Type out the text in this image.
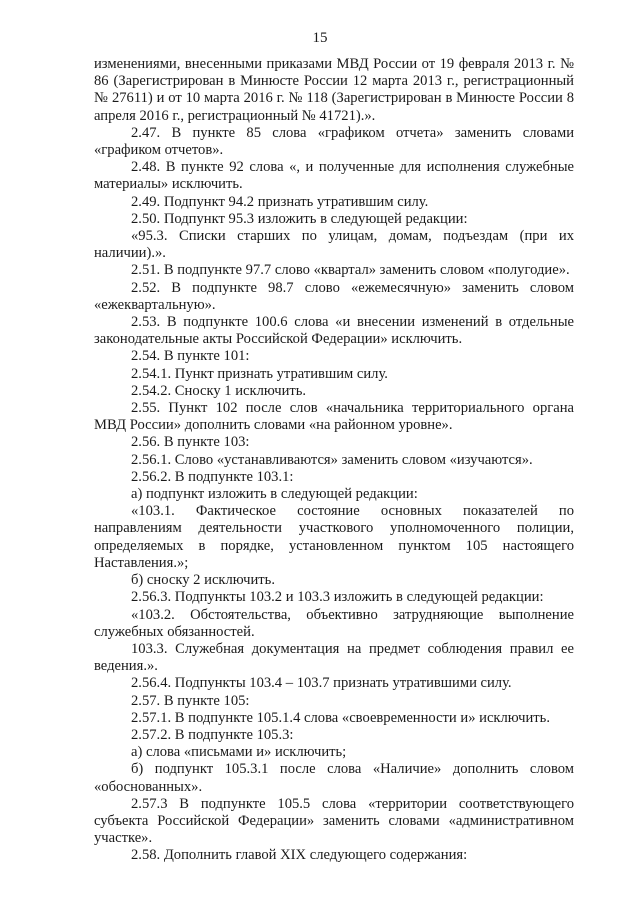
15

изменениями, внесенными приказами МВД России от 19 февраля 2013 г. № 86 (Зарегистрирован в Минюсте России 12 марта 2013 г., регистрационный № 27611) и от 10 марта 2016 г. № 118 (Зарегистрирован в Минюсте России 8 апреля 2016 г., регистрационный № 41721).».

2.47. В пункте 85 слова «графиком отчета» заменить словами «графиком отчетов».

2.48. В пункте 92 слова «, и полученные для исполнения служебные материалы» исключить.

2.49. Подпункт 94.2 признать утратившим силу.

2.50. Подпункт 95.3 изложить в следующей редакции:

«95.3. Списки старших по улицам, домам, подъездам (при их наличии).».

2.51. В подпункте 97.7 слово «квартал» заменить словом «полугодие».

2.52. В подпункте 98.7 слово «ежемесячную» заменить словом «ежеквартальную».

2.53. В подпункте 100.6 слова «и внесении изменений в отдельные законодательные акты Российской Федерации» исключить.

2.54. В пункте 101:

2.54.1. Пункт признать утратившим силу.

2.54.2. Сноску 1 исключить.

2.55. Пункт 102 после слов «начальника территориального органа МВД России» дополнить словами «на районном уровне».

2.56. В пункте 103:

2.56.1. Слово «устанавливаются» заменить словом «изучаются».

2.56.2. В подпункте 103.1:

а) подпункт изложить в следующей редакции:

«103.1. Фактическое состояние основных показателей по направлениям деятельности участкового уполномоченного полиции, определяемых в порядке, установленном пунктом 105 настоящего Наставления.»;

б) сноску 2 исключить.

2.56.3. Подпункты 103.2 и 103.3 изложить в следующей редакции:

«103.2. Обстоятельства, объективно затрудняющие выполнение служебных обязанностей.

103.3. Служебная документация на предмет соблюдения правил ее ведения.».

2.56.4. Подпункты 103.4 – 103.7 признать утратившими силу.

2.57. В пункте 105:

2.57.1. В подпункте 105.1.4 слова «своевременности и» исключить.

2.57.2. В подпункте 105.3:

а) слова «письмами и» исключить;

б) подпункт 105.3.1 после слова «Наличие» дополнить словом «обоснованных».

2.57.3 В подпункте 105.5 слова «территории соответствующего субъекта Российской Федерации» заменить словами «административном участке».

2.58. Дополнить главой XIX следующего содержания:
